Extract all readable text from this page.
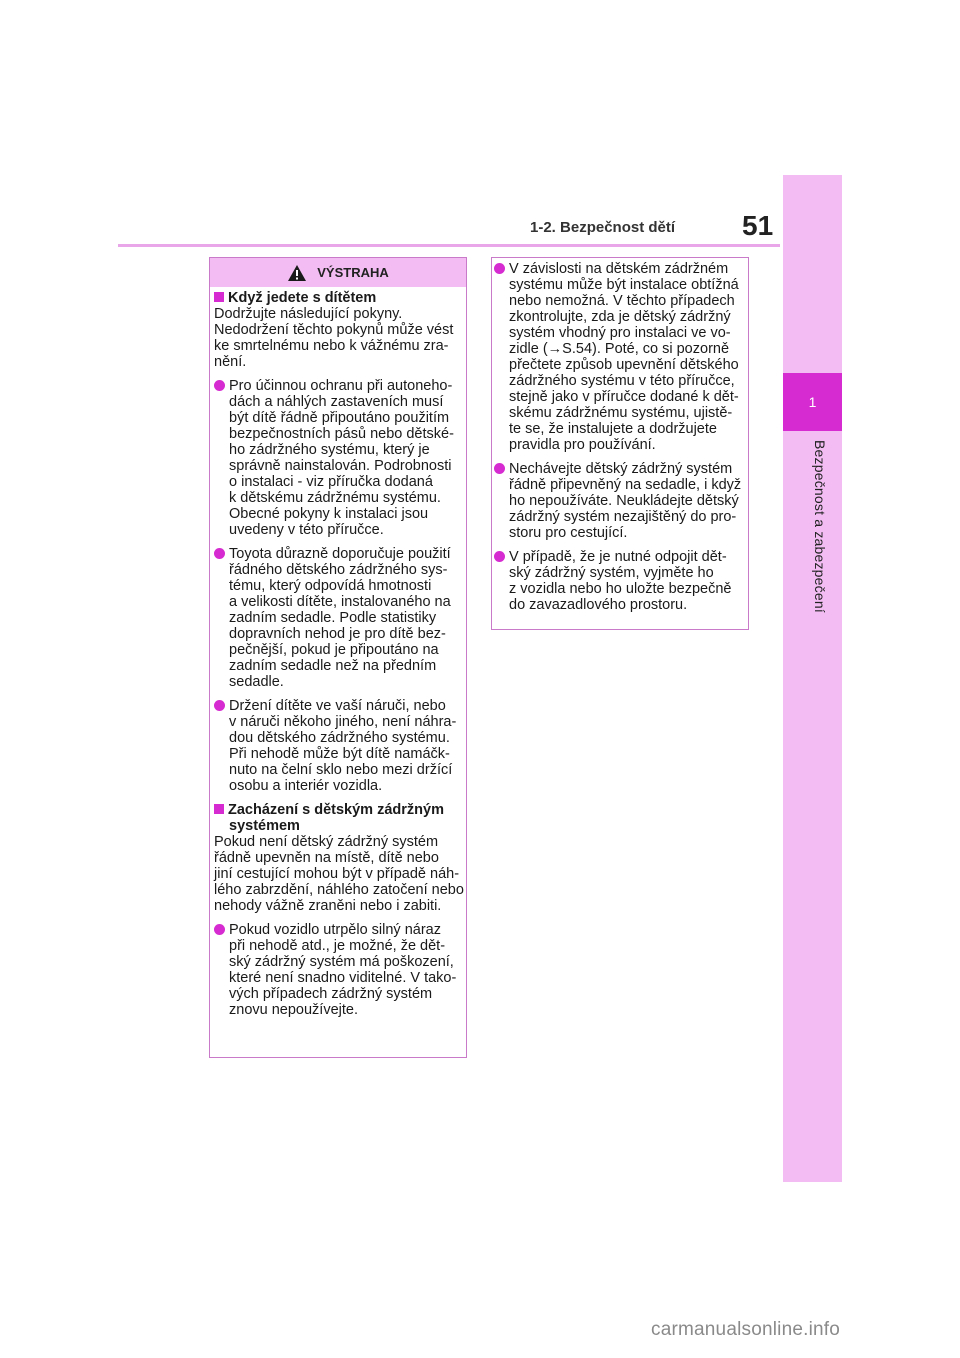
1-2. Bezpečnost dětí	51
1
Bezpečnost a zabezpečení
VÝSTRAHA
Když jedete s dítětem
Dodržujte následující pokyny.
Nedodržení těchto pokynů může vést
ke smrtelnému nebo k vážnému zra-
nění.
Pro účinnou ochranu při autoneho-
dách a náhlých zastaveních musí
být dítě řádně připoutáno použitím
bezpečnostních pásů nebo dětské-
ho zádržného systému, který je
správně nainstalován. Podrobnosti
o instalaci - viz příručka dodaná
k dětskému zádržnému systému.
Obecné pokyny k instalaci jsou
uvedeny v této příručce.
Toyota důrazně doporučuje použití
řádného dětského zádržného sys-
tému, který odpovídá hmotnosti
a velikosti dítěte, instalovaného na
zadním sedadle. Podle statistiky
dopravních nehod je pro dítě bez-
pečnější, pokud je připoutáno na
zadním sedadle než na předním
sedadle.
Držení dítěte ve vaší náruči, nebo
v náruči někoho jiného, není náhra-
dou dětského zádržného systému.
Při nehodě může být dítě namáčk-
nuto na čelní sklo nebo mezi držící
osobu a interiér vozidla.
Zacházení s dětským zádržným
systémem
Pokud není dětský zádržný systém
řádně upevněn na místě, dítě nebo
jiní cestující mohou být v případě náh-
lého zabrzdění, náhlého zatočení nebo
nehody vážně zraněni nebo i zabiti.
Pokud vozidlo utrpělo silný náraz
při nehodě atd., je možné, že dět-
ský zádržný systém má poškození,
které není snadno viditelné. V tako-
vých případech zádržný systém
znovu nepoužívejte.
V závislosti na dětském zádržném
systému může být instalace obtížná
nebo nemožná. V těchto případech
zkontrolujte, zda je dětský zádržný
systém vhodný pro instalaci ve vo-
zidle (→S.54). Poté, co si pozorně
přečtete způsob upevnění dětského
zádržného systému v této příručce,
stejně jako v příručce dodané k dět-
skému zádržnému systému, ujistě-
te se, že instalujete a dodržujete
pravidla pro používání.
Nechávejte dětský zádržný systém
řádně připevněný na sedadle, i když
ho nepoužíváte. Neukládejte dětský
zádržný systém nezajištěný do pro-
storu pro cestující.
V případě, že je nutné odpojit dět-
ský zádržný systém, vyjměte ho
z vozidla nebo ho uložte bezpečně
do zavazadlového prostoru.
carmanualsonline.info
